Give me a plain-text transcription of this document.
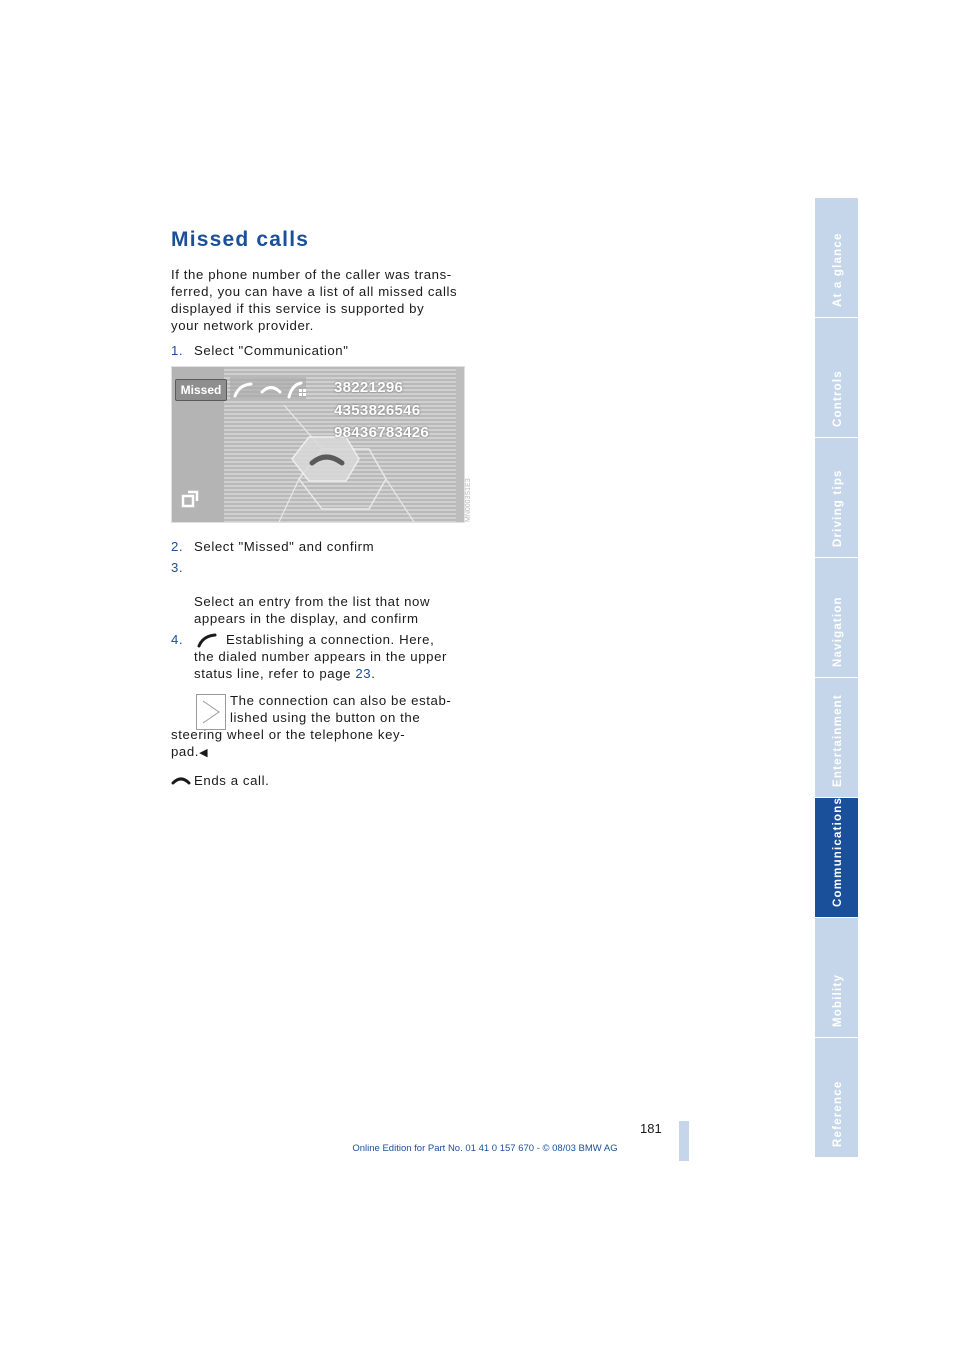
Missed calls

If the phone number of the caller was trans-
ferred, you can have a list of all missed calls
displayed if this service is supported by
your network provider.

1. Select "Communication"
Missed	38221296
4353826546
98436783426
MN0003S1E3
2. Select "Missed" and confirm

3.

Select an entry from the list that now
appears in the display, and confirm

4.	Establishing a connection. Here,
the dialed number appears in the upper
status line, refer to page 23.
The connection can also be estab-
lished using the button on the
steering wheel or the telephone key-
pad.◀
Ends a call.
At a glance
Controls
Driving tips
Navigation
Entertainment
Communications
Mobility
Reference
181
Online Edition for Part No. 01 41 0 157 670 - © 08/03 BMW AG
